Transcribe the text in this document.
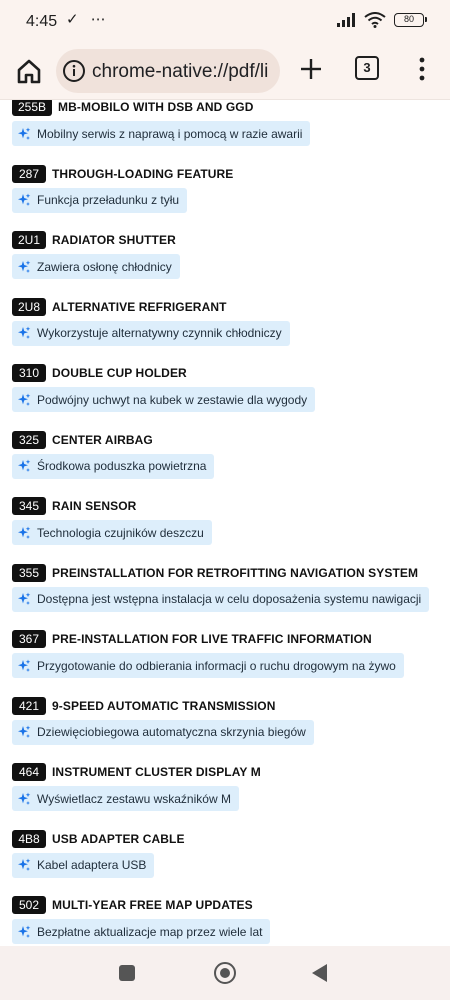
4:45 ✓ ⋯	80
chrome-native://pdf/li	3
255B	MB-MOBILO WITH DSB AND GGD
Mobilny serwis z naprawą i pomocą w razie awarii
287	THROUGH-LOADING FEATURE
Funkcja przeładunku z tyłu
2U1	RADIATOR SHUTTER
Zawiera osłonę chłodnicy
2U8	ALTERNATIVE REFRIGERANT
Wykorzystuje alternatywny czynnik chłodniczy
310	DOUBLE CUP HOLDER
Podwójny uchwyt na kubek w zestawie dla wygody
325	CENTER AIRBAG
Środkowa poduszka powietrzna
345	RAIN SENSOR
Technologia czujników deszczu
355	PREINSTALLATION FOR RETROFITTING NAVIGATION SYSTEM
Dostępna jest wstępna instalacja w celu doposażenia systemu nawigacji
367	PRE-INSTALLATION FOR LIVE TRAFFIC INFORMATION
Przygotowanie do odbierania informacji o ruchu drogowym na żywo
421	9-SPEED AUTOMATIC TRANSMISSION
Dziewięciobiegowa automatyczna skrzynia biegów
464	INSTRUMENT CLUSTER DISPLAY M
Wyświetlacz zestawu wskaźników M
4B8	USB ADAPTER CABLE
Kabel adaptera USB
502	MULTI-YEAR FREE MAP UPDATES
Bezpłatne aktualizacje map przez wiele lat
